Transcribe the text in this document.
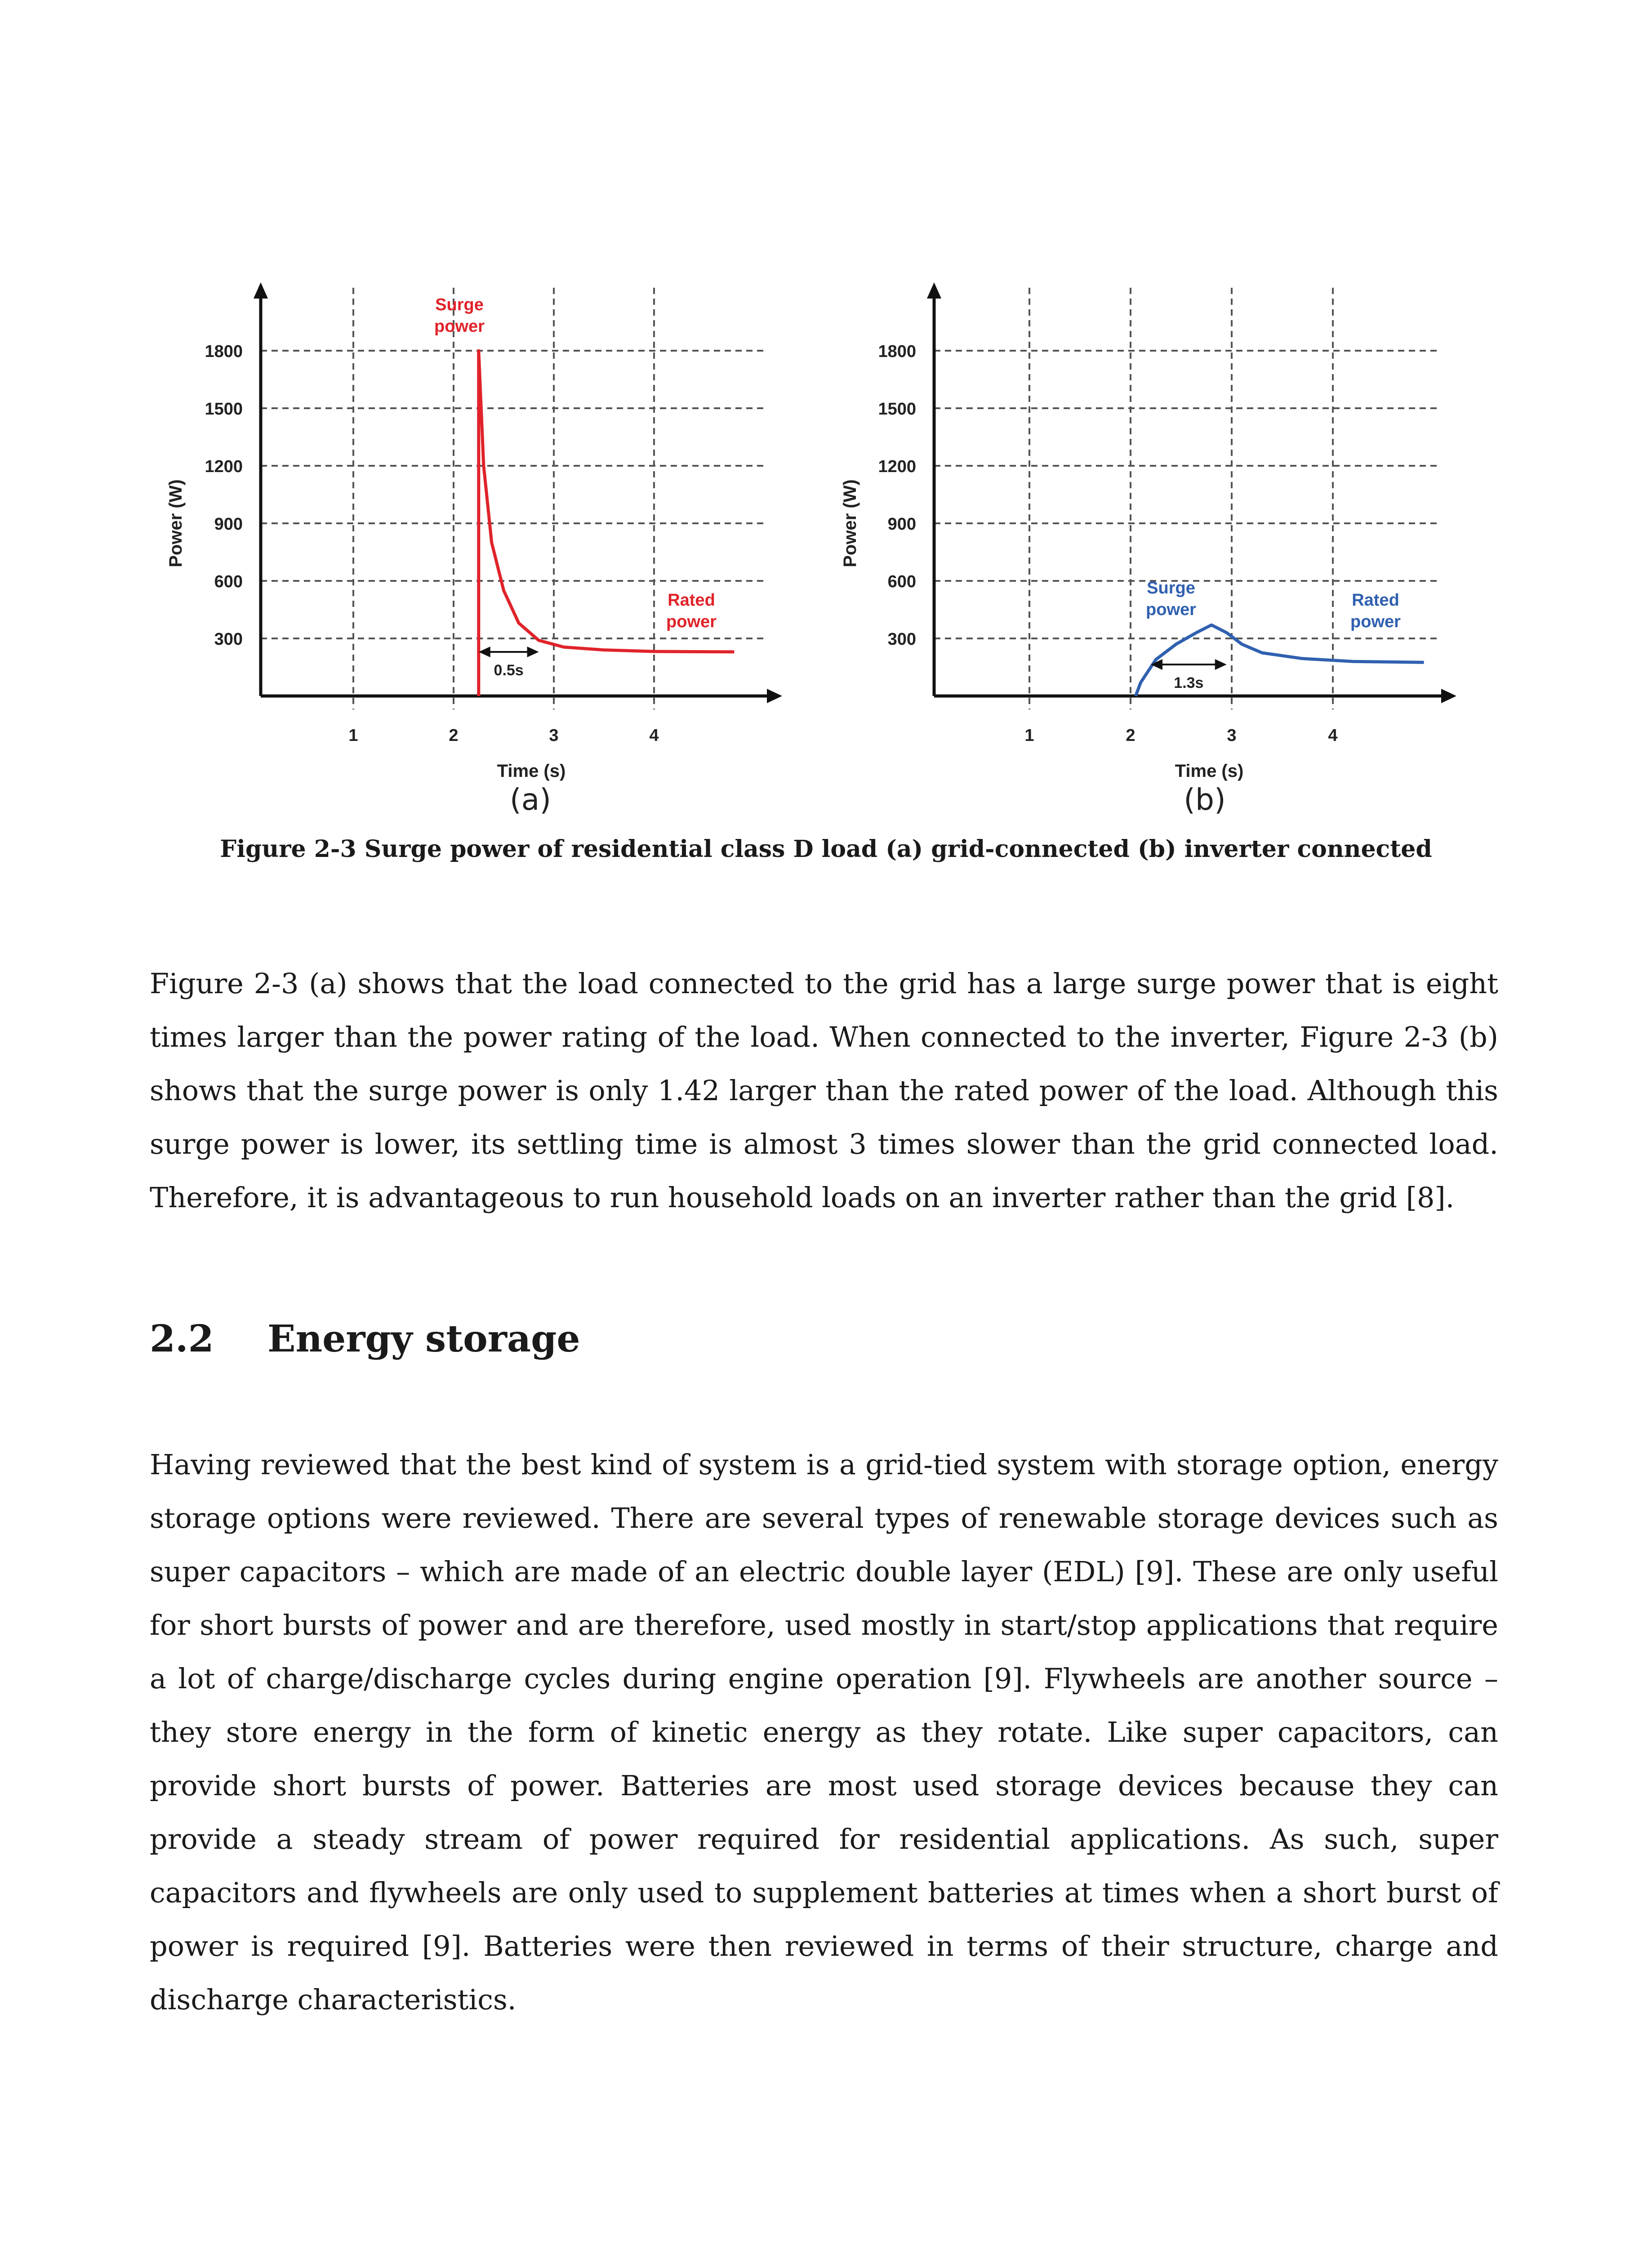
300
600
900
1200
1500
1800
1	2	3	4
Time (s)
Power (W)
0.5s
Surge power
Rated power
300
600
900
1200
1500
1800
1	2	3	4
Time (s)
Power (W)
1.3s
Surge power	Rated power
(a)	(b)
Figure 2-3 Surge power of residential class D load (a) grid-connected (b) inverter connected
Figure 2-3 (a) shows that the load connected to the grid has a large surge power that is eight times larger than the power rating of the load. When connected to the inverter, Figure 2-3 (b) shows that the surge power is only 1.42 larger than the rated power of the load. Although this surge power is lower, its settling time is almost 3 times slower than the grid connected load. Therefore, it is advantageous to run household loads on an inverter rather than the grid [8].
2.2 Energy storage
Having reviewed that the best kind of system is a grid-tied system with storage option, energy storage options were reviewed. There are several types of renewable storage devices such as super capacitors – which are made of an electric double layer (EDL) [9]. These are only useful for short bursts of power and are therefore, used mostly in start/stop applications that require a lot of charge/discharge cycles during engine operation [9]. Flywheels are another source – they store energy in the form of kinetic energy as they rotate. Like super capacitors, can provide short bursts of power. Batteries are most used storage devices because they can provide a steady stream of power required for residential applications. As such, super capacitors and flywheels are only used to supplement batteries at times when a short burst of power is required [9]. Batteries were then reviewed in terms of their structure, charge and discharge characteristics.
